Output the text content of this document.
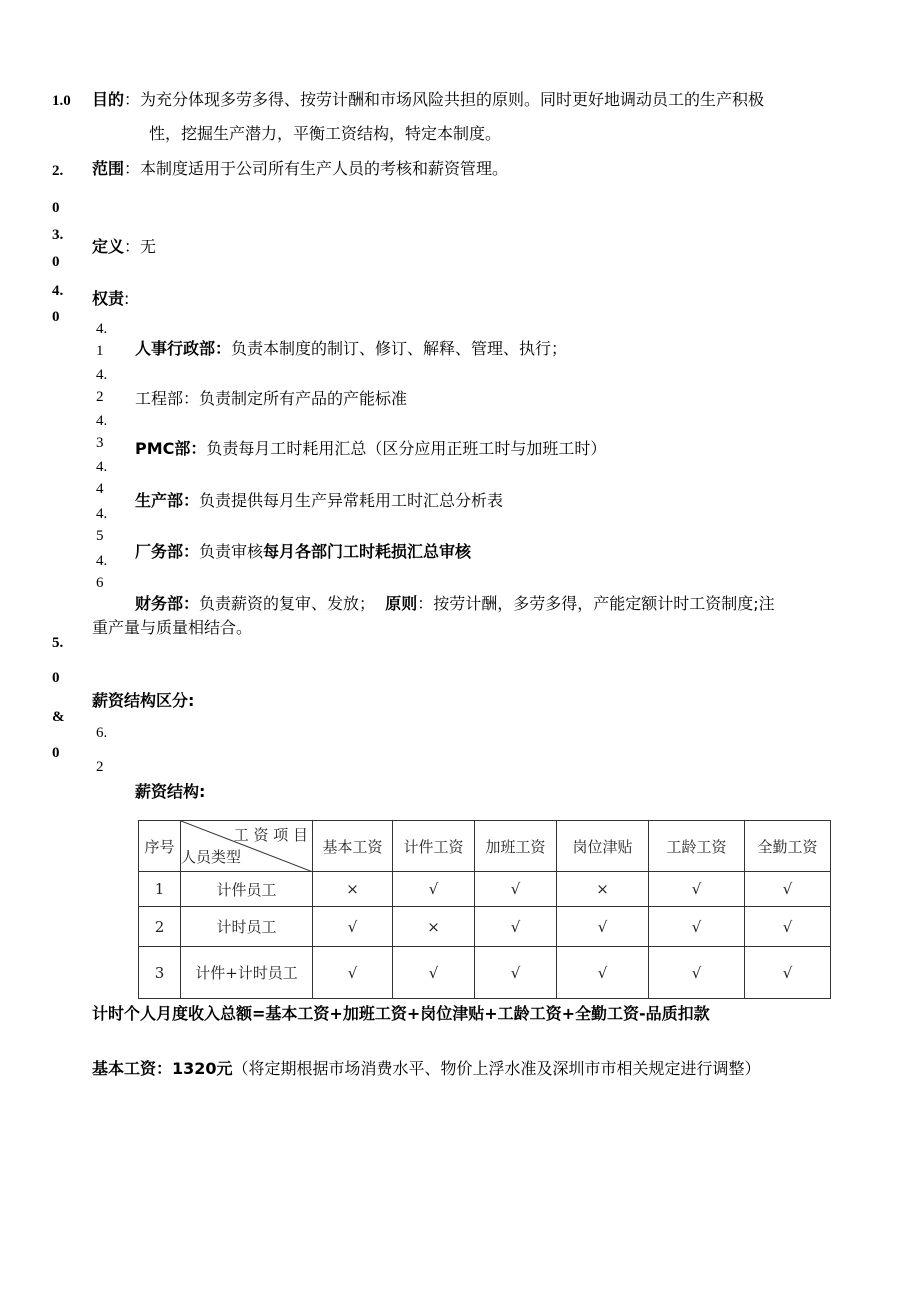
1.0 目的：为充分体现多劳多得、按劳计酬和市场风险共担的原则。同时更好地调动员工的生产积极
性，挖掘生产潜力，平衡工资结构，特定本制度。
2.
0
范围：本制度适用于公司所有生产人员的考核和薪资管理。
3.
0
定义：无
4.
0
权责:
4.
1 人事行政部：负责本制度的制订、修订、解释、管理、执行；
4.
2 工程部：负责制定所有产品的产能标准
4.
3 PMC部：负责每月工时耗用汇总（区分应用正班工时与加班工时）
4.
4
生产部：负责提供每月生产异常耗用工时汇总分析表
4.
5
厂务部：负责审核每月各部门工时耗损汇总审核
4.
6
财务部：负责薪资的复审、发放； 原则：按劳计酬，多劳多得，产能定额计时工资制度;注
重产量与质量相结合。
5.
0
&
0
薪资结构区分:
6.
2
薪资结构:
序号	工 资 项 目
人员类型	基本工资	计件工资	加班工资	岗位津贴	工龄工资	全勤工资
1	计件员工	×	√	√	×	√	√
2	计时员工	√	×	√	√	√	√
3	计件+计时员工	√	√	√	√	√	√
计时个人月度收入总额=基本工资+加班工资+岗位津贴+工龄工资+全勤工资-品质扣款
基本工资：1320元（将定期根据市场消费水平、物价上浮水准及深圳市市相关规定进行调整）
